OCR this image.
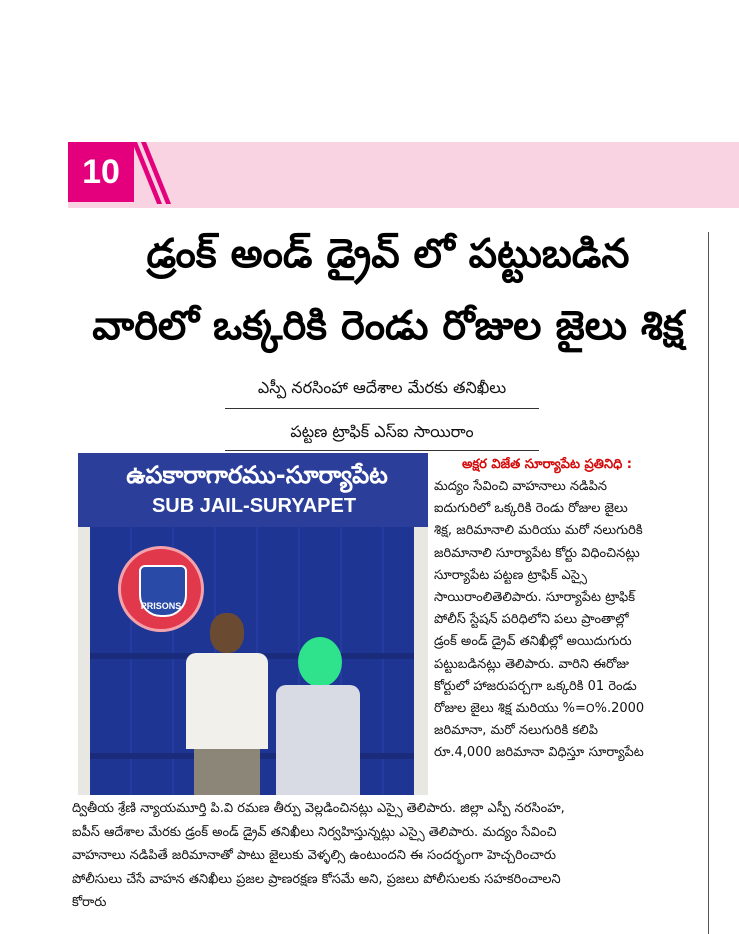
10
డ్రంక్ అండ్ డ్రైవ్ లో పట్టుబడిన
వారిలో ఒక్కరికి రెండు రోజుల జైలు శిక్ష
ఎస్పీ నరసింహా ఆదేశాల మేరకు తనిఖీలు
పట్టణ ట్రాఫిక్ ఎస్ఐ సాయిరాం
ఉపకారాగారము-సూర్యాపేట
SUB JAIL-SURYAPET
PRISONS
అక్షర విజేత సూర్యాపేట ప్రతినిధి :
మద్యం సేవించి వాహనాలు నడిపిన
ఐదుగురిలో ఒక్కరికి రెండు రోజుల జైలు
శిక్ష, జరిమానాలి మరియు మరో నలుగురికి
జరిమానాలి సూర్యాపేట కోర్టు విధించినట్లు
సూర్యాపేట పట్టణ ట్రాఫిక్ ఎస్సై
సాయిరాంలితెలిపారు. సూర్యాపేట ట్రాఫిక్
పోలీస్ స్టేషన్ పరిధిలోని పలు ప్రాంతాల్లో
డ్రంక్ అండ్ డ్రైవ్ తనిఖీల్లో అయిదుగురు
పట్టుబడినట్లు తెలిపారు. వారిని ఈరోజు
కోర్టులో హాజరుపర్చగా ఒక్కరికి 01 రెండు
రోజుల జైలు శిక్ష మరియు %=౦%.2000
జరిమానా, మరో నలుగురికి కలిపి
రూ.4,000 జరిమానా విధిస్తూ సూర్యాపేట
ద్వితీయ శ్రేణి న్యాయమూర్తి పి.వి రమణ తీర్పు వెల్లడించినట్లు ఎస్సై తెలిపారు. జిల్లా ఎస్పీ నరసింహ,
ఐపీస్ ఆదేశాల మేరకు డ్రంక్ అండ్ డ్రైవ్ తనిఖీలు నిర్వహిస్తున్నట్లు ఎస్సై తెలిపారు. మద్యం సేవించి
వాహనాలు నడిపితే జరిమానాతో పాటు జైలుకు వెళ్ళల్సి ఉంటుందని ఈ సందర్భంగా హెచ్చరించారు
పోలీసులు చేసే వాహన తనిఖీలు ప్రజల ప్రాణరక్షణ కోసమే అని, ప్రజలు పోలీసులకు సహకరించాలని
కోరారు
